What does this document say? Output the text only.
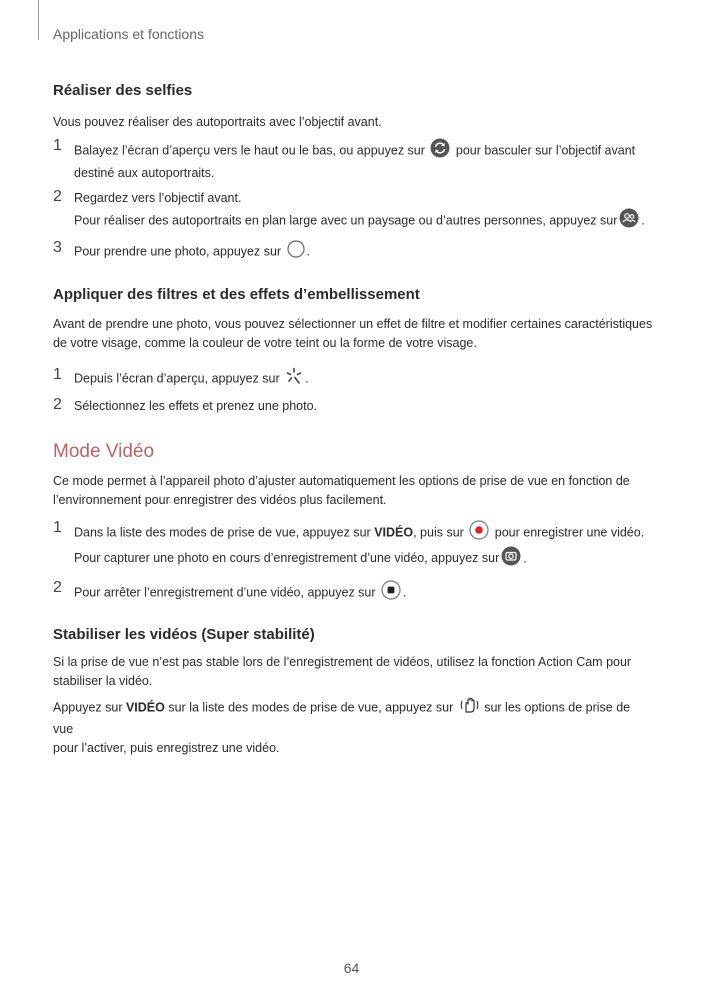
Applications et fonctions
Réaliser des selfies

Vous pouvez réaliser des autoportraits avec l’objectif avant.

1 Balayez l’écran d’aperçu vers le haut ou le bas, ou appuyez sur pour basculer sur l’objectif avant
destiné aux autoportraits.
2 Regardez vers l’objectif avant.
Pour réaliser des autoportraits en plan large avec un paysage ou d’autres personnes, appuyez sur .
3 Pour prendre une photo, appuyez sur .
Appliquer des filtres et des effets d’embellissement

Avant de prendre une photo, vous pouvez sélectionner un effet de filtre et modifier certaines caractéristiques
de votre visage, comme la couleur de votre teint ou la forme de votre visage.

1 Depuis l’écran d’aperçu, appuyez sur .
2 Sélectionnez les effets et prenez une photo.
Mode Vidéo

Ce mode permet à l’appareil photo d’ajuster automatiquement les options de prise de vue en fonction de
l’environnement pour enregistrer des vidéos plus facilement.

1 Dans la liste des modes de prise de vue, appuyez sur VIDÉO, puis sur pour enregistrer une vidéo.
Pour capturer une photo en cours d’enregistrement d’une vidéo, appuyez sur .
2 Pour arrêter l’enregistrement d’une vidéo, appuyez sur .
Stabiliser les vidéos (Super stabilité)

Si la prise de vue n’est pas stable lors de l’enregistrement de vidéos, utilisez la fonction Action Cam pour
stabiliser la vidéo.

Appuyez sur VIDÉO sur la liste des modes de prise de vue, appuyez sur sur les options de prise de vue
pour l’activer, puis enregistrez une vidéo.

64
